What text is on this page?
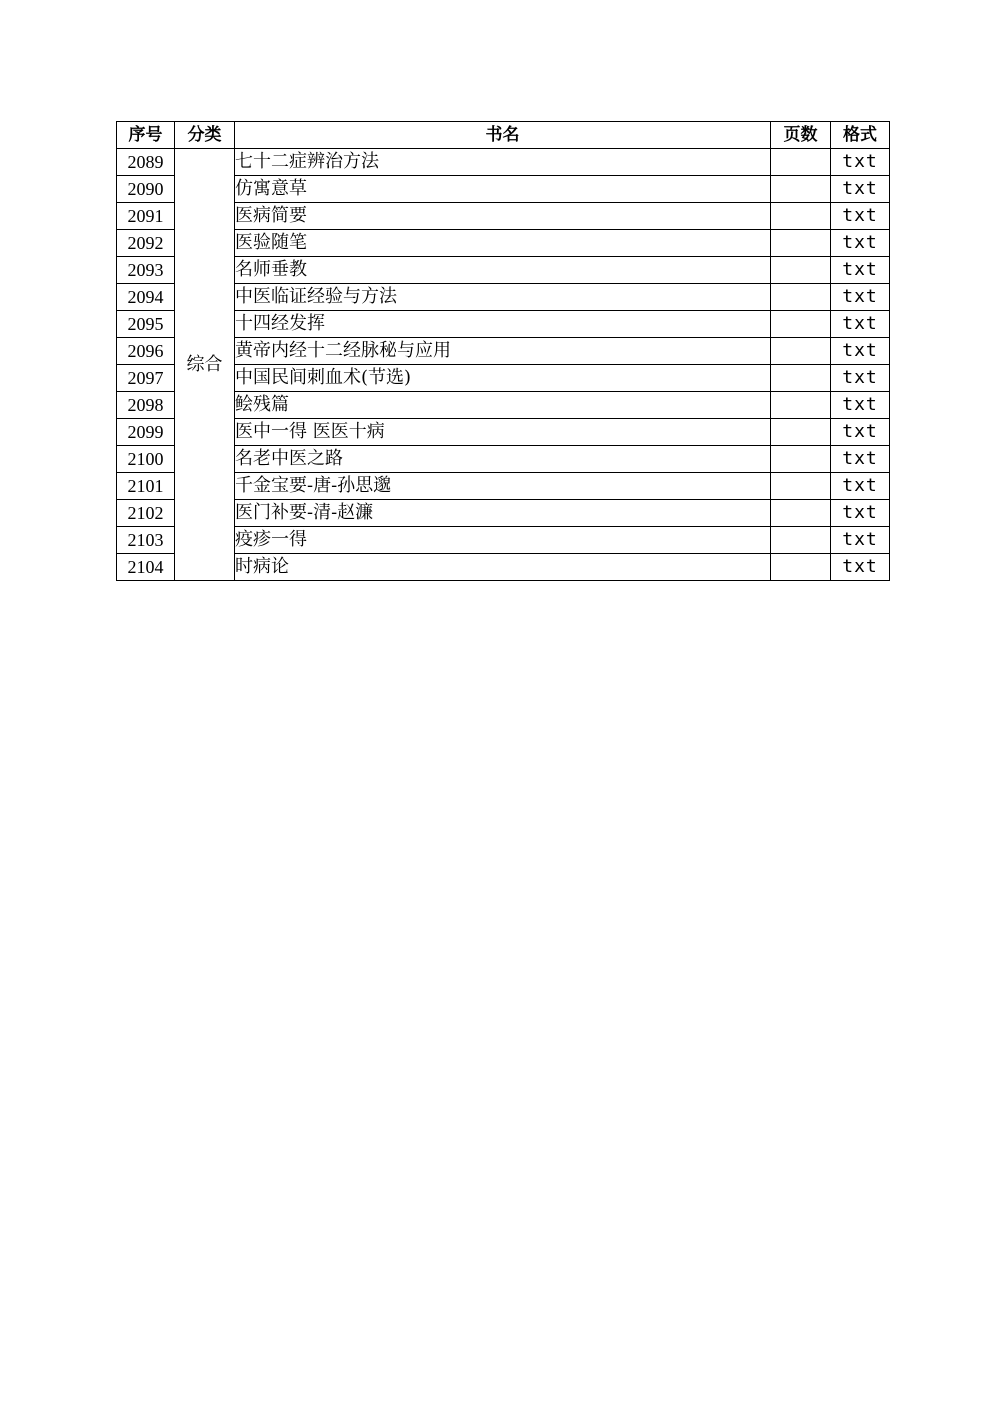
序号	分类	书名	页数	格式
2089	综合	七十二症辨治方法		txt
2090		仿寓意草		txt
2091		医病简要		txt
2092		医验随笔		txt
2093		名师垂教		txt
2094		中医临证经验与方法		txt
2095		十四经发挥		txt
2096		黄帝内经十二经脉秘与应用		txt
2097		中国民间刺血术(节选)		txt
2098		鲙残篇		txt
2099		医中一得 医医十病		txt
2100		名老中医之路		txt
2101		千金宝要-唐-孙思邈		txt
2102		医门补要-清-赵濂		txt
2103		疫疹一得		txt
2104		时病论		txt
